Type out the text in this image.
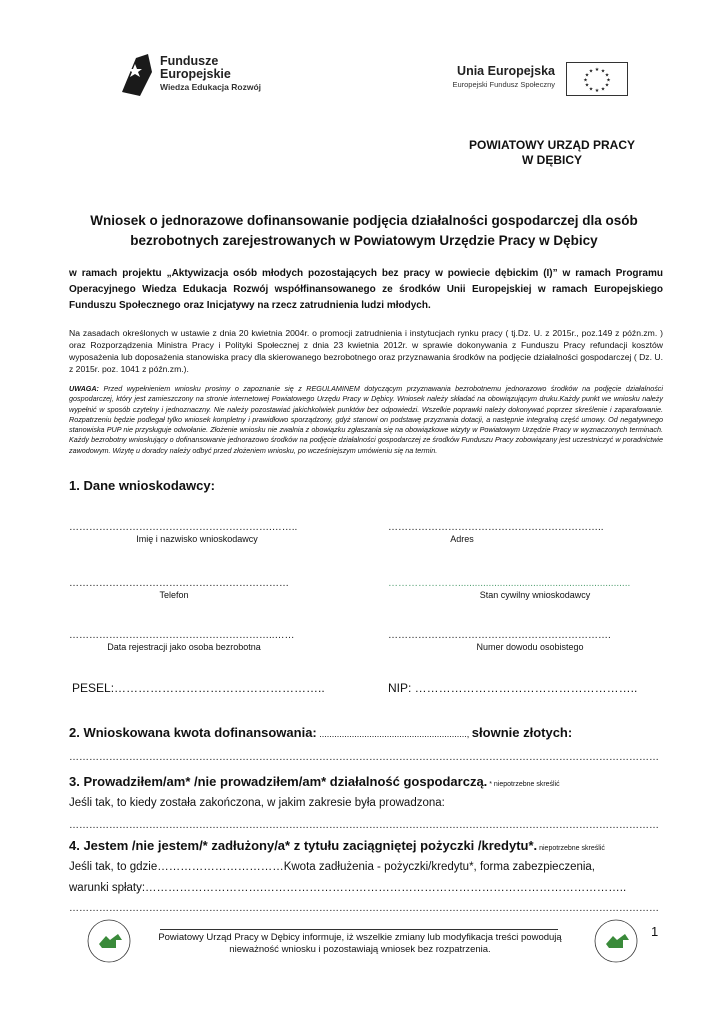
Fundusze
Europejskie
Wiedza Edukacja Rozwój
Unia Europejska
Europejski Fundusz Społeczny
★ ★
★
★
★
★
★
★
★
★
★
★
POWIATOWY URZĄD PRACY
W DĘBICY
Wniosek o jednorazowe dofinansowanie podjęcia działalności gospodarczej dla osób
bezrobotnych zarejestrowanych w Powiatowym Urzędzie Pracy w Dębicy
w ramach projektu „Aktywizacja osób młodych pozostających bez pracy w powiecie dębickim (I)” w ramach Programu Operacyjnego Wiedza Edukacja Rozwój współfinansowanego ze środków Unii Europejskiej w ramach Europejskiego Funduszu Społecznego oraz Inicjatywy na rzecz zatrudnienia ludzi młodych.
Na zasadach określonych w ustawie z dnia 20 kwietnia 2004r. o promocji zatrudnienia i instytucjach rynku pracy ( tj.Dz. U. z 2015r., poz.149 z późn.zm. ) oraz Rozporządzenia Ministra Pracy i Polityki Społecznej z dnia 23 kwietnia 2012r. w sprawie dokonywania z Funduszu Pracy refundacji kosztów wyposażenia lub doposażenia stanowiska pracy dla skierowanego bezrobotnego oraz przyznawania środków na podjęcie działalności gospodarczej ( Dz. U. z 2015r. poz. 1041 z późn.zm.).
UWAGA: Przed wypełnieniem wniosku prosimy o zapoznanie się z REGULAMINEM dotyczącym przyznawania bezrobotnemu jednorazowo środków na podjęcie działalności gospodarczej, który jest zamieszczony na stronie internetowej Powiatowego Urzędu Pracy w Dębicy. Wniosek należy składać na obowiązującym druku.Każdy punkt we wniosku należy wypełnić w sposób czytelny i jednoznaczny. Nie należy pozostawiać jakichkolwiek punktów bez odpowiedzi. Wszelkie poprawki należy dokonywać poprzez skreślenie i zaparafowanie. Rozpatrzeniu będzie podlegał tylko wniosek kompletny i prawidłowo sporządzony, gdyż stanowi on podstawę przyznania dotacji, a następnie integralną część umowy. Od negatywnego stanowiska PUP nie przysługuje odwołanie. Złożenie wniosku nie zwalnia z obowiązku zgłaszania się na obowiązkowe wizyty w Powiatowym Urzędzie Pracy w wyznaczonych terminach. Każdy bezrobotny wnioskujący o dofinansowanie jednorazowo środków na podjęcie działalności gospodarczej ze środków Funduszu Pracy zobowiązany jest uczestniczyć w poradnictwie zawodowym. Wizytę u doradcy należy odbyć przed złożeniem wniosku, po wcześniejszym umówieniu się na termin.
1. Dane wnioskodawcy:
…………………………………………………….……..
Imię i nazwisko wnioskodawcy
………………………………………………………..
Adres
…………………………………………………………
Telefon
…………………..............................................................
Stan cywilny wnioskodawcy
……………………………………………………..……
Data rejestracji jako osoba bezrobotna
………………………………………………………….
Numer dowodu osobistego
PESEL:……………………………………………..	NIP: ………………………………………………..
2. Wnioskowana kwota dofinansowania: ..........................................................., słownie złotych:
……………………………………………………………………………………………………………………………………………………………
3. Prowadziłem/am* /nie prowadziłem/am* działalność gospodarczą. * niepotrzebne skreślić
Jeśli tak, to kiedy została zakończona, w jakim zakresie była prowadzona:
……………………………………………………………………………………………………………………………………………………………
4. Jestem /nie jestem/* zadłużony/a* z tytułu zaciągniętej pożyczki /kredytu*. niepotrzebne skreślić
Jeśli tak, to gdzie……………………………Kwota zadłużenia - pożyczki/kredytu*, forma zabezpieczenia,
warunki spłaty:………………………….…………………………………………………………………………………..
……………………………………………………………………………………………………………………………………………………………
Powiatowy Urząd Pracy w Dębicy informuje, iż wszelkie zmiany lub modyfikacja treści powodują
nieważność wniosku i pozostawiają wniosek bez rozpatrzenia.
1
